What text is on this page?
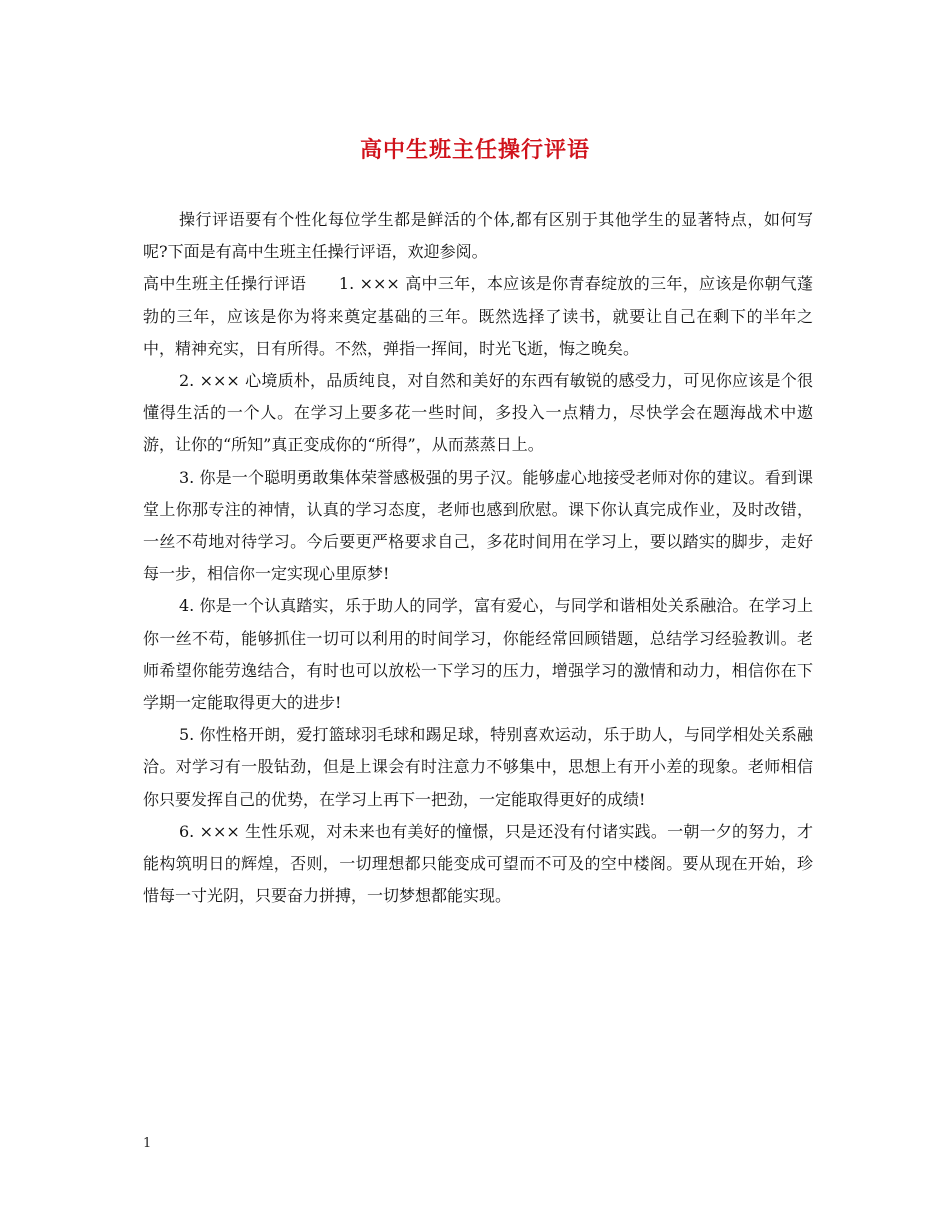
高中生班主任操行评语

操行评语要有个性化每位学生都是鲜活的个体,都有区别于其他学生的显著特点，如何写呢?下面是有高中生班主任操行评语，欢迎参阅。

高中生班主任操行评语　　1. ××× 高中三年，本应该是你青春绽放的三年，应该是你朝气蓬勃的三年，应该是你为将来奠定基础的三年。既然选择了读书，就要让自己在剩下的半年之中，精神充实，日有所得。不然，弹指一挥间，时光飞逝，悔之晚矣。

2. ××× 心境质朴，品质纯良，对自然和美好的东西有敏锐的感受力，可见你应该是个很懂得生活的一个人。在学习上要多花一些时间，多投入一点精力，尽快学会在题海战术中遨游，让你的“所知”真正变成你的“所得”，从而蒸蒸日上。

3. 你是一个聪明勇敢集体荣誉感极强的男子汉。能够虚心地接受老师对你的建议。看到课堂上你那专注的神情，认真的学习态度，老师也感到欣慰。课下你认真完成作业，及时改错，一丝不苟地对待学习。今后要更严格要求自己，多花时间用在学习上，要以踏实的脚步，走好每一步，相信你一定实现心里原梦!

4. 你是一个认真踏实，乐于助人的同学，富有爱心，与同学和谐相处关系融洽。在学习上你一丝不苟，能够抓住一切可以利用的时间学习，你能经常回顾错题，总结学习经验教训。老师希望你能劳逸结合，有时也可以放松一下学习的压力，增强学习的激情和动力，相信你在下学期一定能取得更大的进步!

5. 你性格开朗，爱打篮球羽毛球和踢足球，特别喜欢运动，乐于助人，与同学相处关系融洽。对学习有一股钻劲，但是上课会有时注意力不够集中，思想上有开小差的现象。老师相信你只要发挥自己的优势，在学习上再下一把劲，一定能取得更好的成绩!

6. ××× 生性乐观，对未来也有美好的憧憬，只是还没有付诸实践。一朝一夕的努力，才能构筑明日的辉煌，否则，一切理想都只能变成可望而不可及的空中楼阁。要从现在开始，珍惜每一寸光阴，只要奋力拼搏，一切梦想都能实现。

1
